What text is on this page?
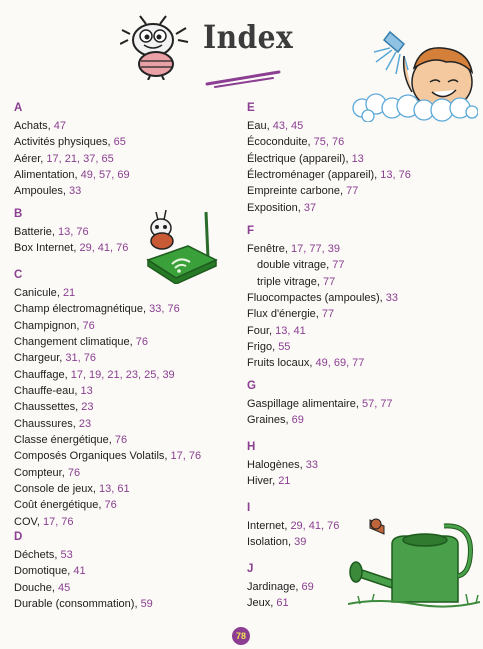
Index
A
Achats , 47
Activités physiques , 65
Aérer , 17, 21, 37, 65
Alimentation , 49, 57, 69
Ampoules , 33
B
Batterie , 13, 76
Box Internet , 29, 41, 76
C
Canicule , 21
Champ électromagnétique , 33, 76
Champignon , 76
Changement climatique , 76
Chargeur , 31, 76
Chauffage , 17, 19, 21, 23, 25, 39
Chauffe-eau , 13
Chaussettes , 23
Chaussures , 23
Classe énergétique , 76
Composés Organiques Volatils , 17, 76
Compteur , 76
Console de jeux , 13, 61
Coût énergétique , 76
COV , 17, 76
D
Déchets , 53
Domotique , 41
Douche , 45
Durable (consommation) , 59
E
Eau , 43, 45
Écoconduite , 75, 76
Électrique (appareil) , 13
Électroménager (appareil) , 13, 76
Empreinte carbone , 77
Exposition , 37
F
Fenêtre , 17, 77, 39
double vitrage , 77
triple vitrage , 77
Fluocompactes (ampoules) , 33
Flux d'énergie , 77
Four , 13, 41
Frigo , 55
Fruits locaux , 49, 69, 77
G
Gaspillage alimentaire , 57, 77
Graines , 69
H
Halogènes , 33
Hiver , 21
I
Internet , 29, 41, 76
Isolation , 39
J
Jardinage , 69
Jeux , 61
78
